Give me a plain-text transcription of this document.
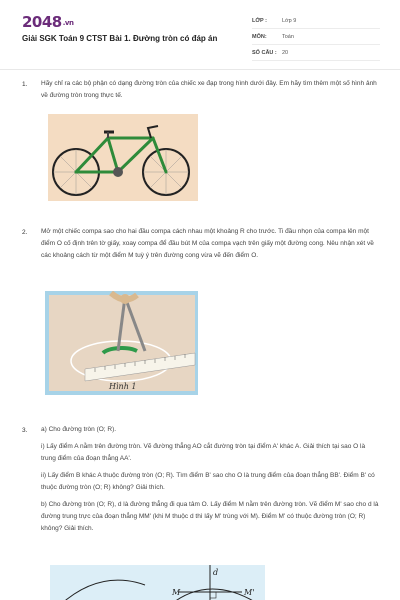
2048.vn
Giải SGK Toán 9 CTST Bài 1. Đường tròn có đáp án
LỚP :	Lớp 9
MÔN:	Toán
SỐ CÂU : 20
1. Hãy chỉ ra các bộ phận có dạng đường tròn của chiếc xe đạp trong hình dưới đây. Em hãy tìm thêm một số hình ảnh về đường tròn trong thực tế.

2. Mở một chiếc compa sao cho hai đầu compa cách nhau một khoảng R cho trước. Ti đầu nhọn của compa lên một điểm O cố định trên tờ giấy, xoay compa để đầu bút M của compa vạch trên giấy một đường cong. Nêu nhận xét về các khoảng cách từ một điểm M tuỳ ý trên đường cong vừa vẽ đến điểm O.

Hình 1
3. a) Cho đường tròn (O; R).

i) Lấy điểm A nằm trên đường tròn. Vẽ đường thẳng AO cắt đường tròn tại điểm A' khác A. Giải thích tại sao O là trung điểm của đoạn thẳng AA'.

ii) Lấy điểm B khác A thuộc đường tròn (O; R). Tìm điểm B' sao cho O là trung điểm của đoạn thẳng BB'. Điểm B' có thuộc đường tròn (O; R) không? Giải thích.

b) Cho đường tròn (O; R), d là đường thẳng đi qua tâm O. Lấy điểm M nằm trên đường tròn. Vẽ điểm M' sao cho d là đường trung trực của đoạn thẳng MM' (khi M thuộc d thì lấy M' trùng với M). Điểm M' có thuộc đường tròn (O; R) không? Giải thích.

d
M	M'
